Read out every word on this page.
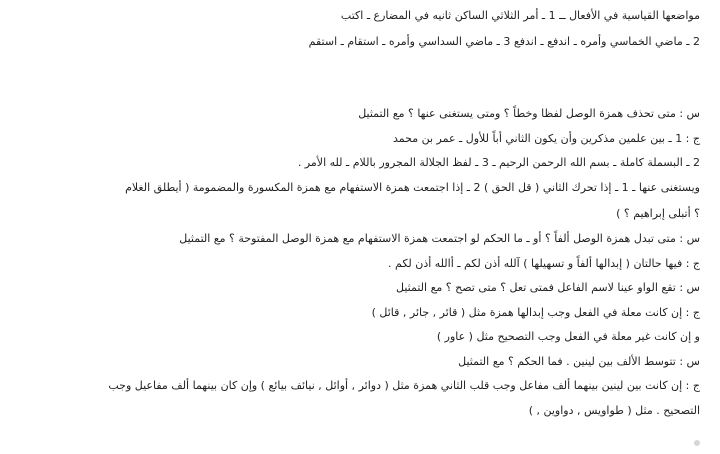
مواضعها القياسية في الأفعال ــ 1 ـ أمر الثلاثي الساكن ثانيه في المضارع ـ اكتب
2 ـ ماضي الخماسي وأمره ـ اندفع ـ اندفع 3 ـ ماضي السداسي وأمره ـ استقام ـ استقم
س : متى تحذف همزة الوصل لفظا وخطاً ؟ ومتى يستغنى عنها ؟ مع التمثيل
ج : 1 ـ بين علمين مذكرين وأن يكون الثاني أباً للأول ـ عمر بن محمد
2 ـ البسملة كاملة ـ بسم الله الرحمن الرحيم ـ 3 ـ لفظ الجلالة المجرور باللام ـ لله الأمر .
ويستغنى عنها ـ 1 ـ إذا تحرك الثاني ( قل الحق ) 2 ـ إذا اجتمعت همزة الاستفهام مع همزة المكسورة والمضمومة ( أيطلق الغلام
؟ أتبلى إبراهيم ؟ )
س : متى تبدل همزة الوصل ألفاً ؟ أو ـ ما الحكم لو اجتمعت همزة الاستفهام مع همزة الوصل المفتوحة ؟ مع التمثيل
ج : فيها حالتان ( إبدالها ألفاً و تسهيلها ) آلله أذن لكم ـ أالله أذن لكم .
س : تقع الواو عينا لاسم الفاعل فمتى تعل ؟ متى تصح ؟ مع التمثيل
ج : إن كانت معلة في الفعل وجب إبدالها همزة مثل ( قائر , جائر , قائل )
و إن كانت غير معلة في الفعل وجب التصحيح مثل ( عاور )
س : تتوسط الألف بين لينين . فما الحكم ؟ مع التمثيل
ج : إن كانت بين لينين بينهما ألف مفاعل وجب قلب الثاني همزة مثل ( دوائر , أوائل , نيائف بيائع ) وإن كان بينهما ألف مفاعيل وجب
التصحيح . مثل ( طواويس , دواوين , )
